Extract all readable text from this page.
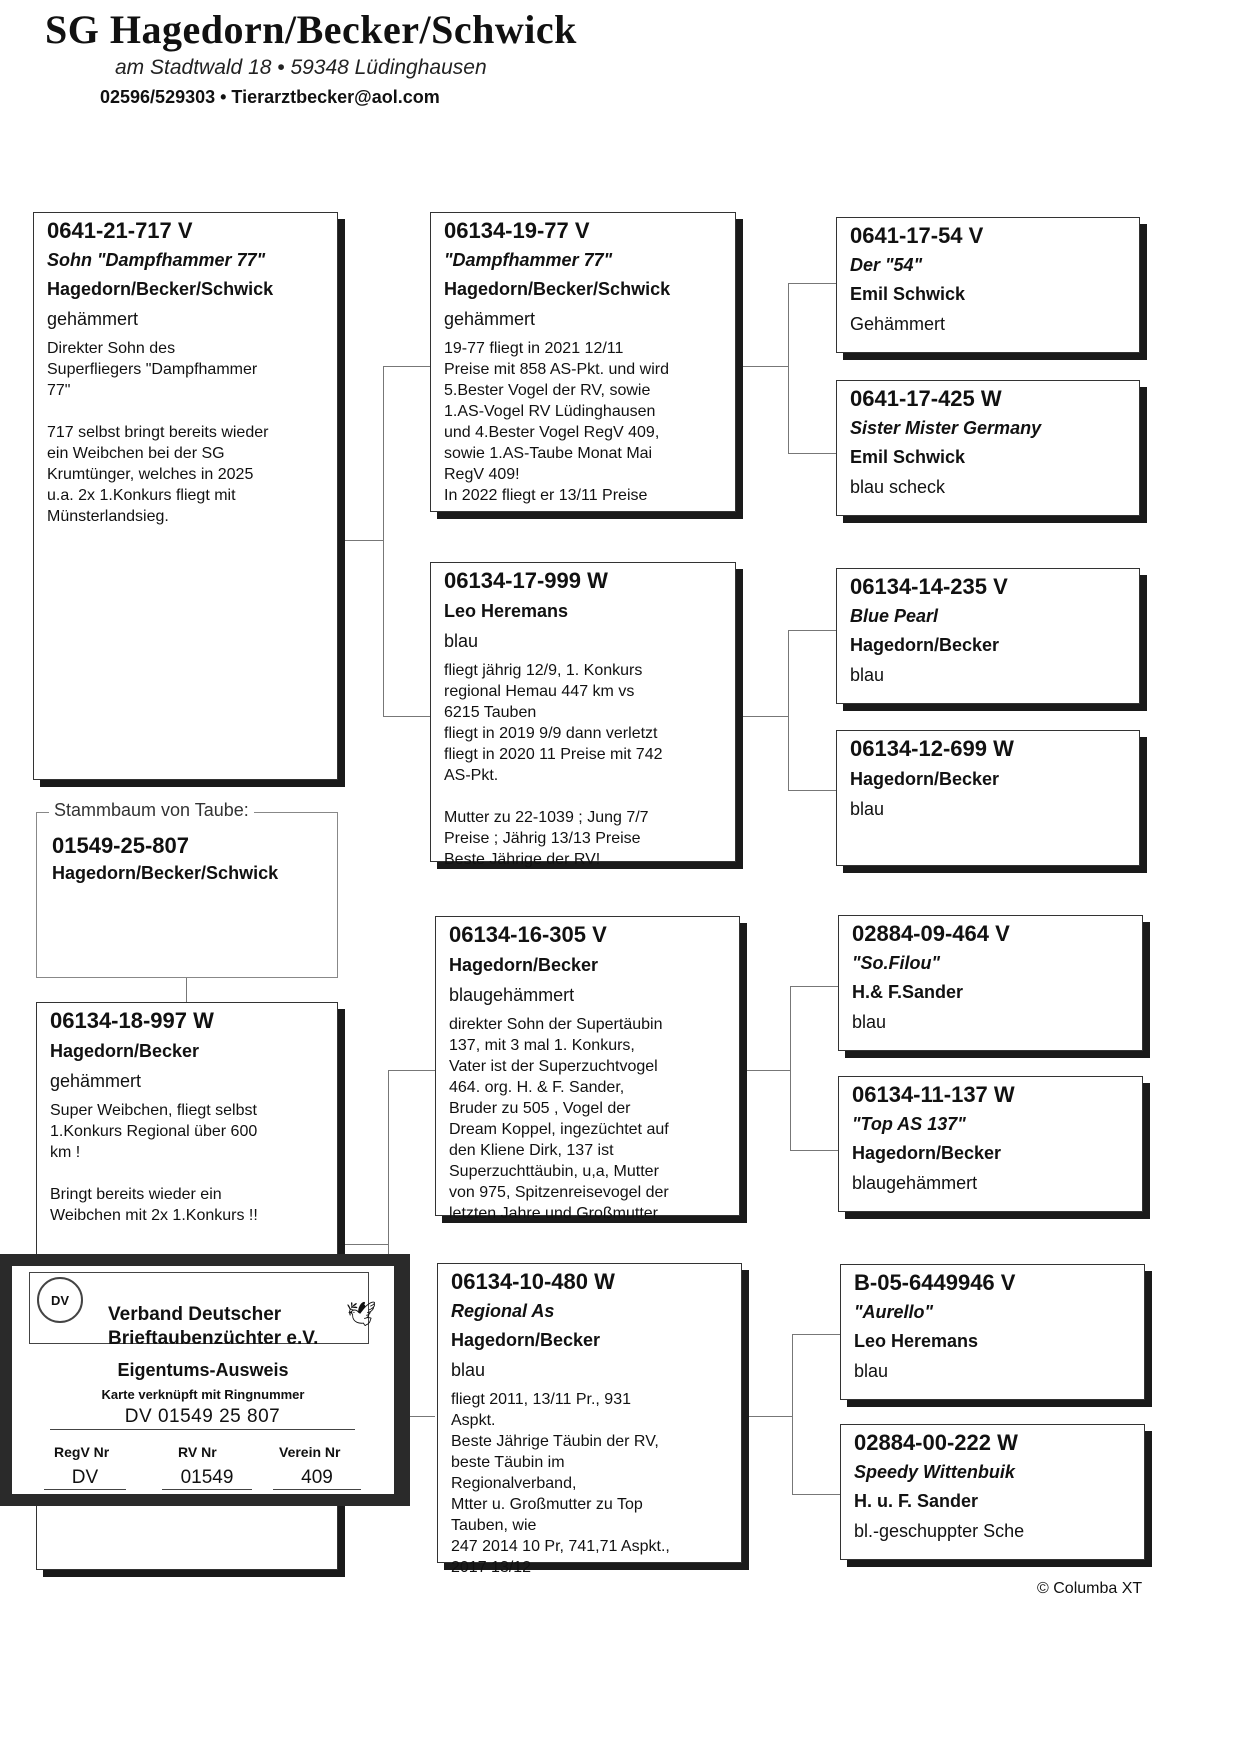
SG Hagedorn/Becker/Schwick
am Stadtwald 18 • 59348 Lüdinghausen
02596/529303 • Tierarztbecker@aol.com
0641-21-717 V
Sohn "Dampfhammer 77"
Hagedorn/Becker/Schwick
gehämmert
Direkter Sohn des
Superfliegers "Dampfhammer
77"

717 selbst bringt bereits wieder
ein Weibchen bei der SG
Krumtünger, welches in 2025
u.a. 2x 1.Konkurs fliegt mit
Münsterlandsieg.
Stammbaum von Taube:
01549-25-807
Hagedorn/Becker/Schwick
06134-18-997 W
Hagedorn/Becker
gehämmert
Super Weibchen, fliegt selbst
1.Konkurs Regional über 600
km !

Bringt bereits wieder ein
Weibchen mit 2x 1.Konkurs !!
06134-19-77 V
"Dampfhammer 77"
Hagedorn/Becker/Schwick
gehämmert
19-77 fliegt in 2021 12/11
Preise mit 858 AS-Pkt. und wird
5.Bester Vogel der RV, sowie
1.AS-Vogel RV Lüdinghausen
und 4.Bester Vogel RegV 409,
sowie 1.AS-Taube Monat Mai
RegV 409!
In 2022 fliegt er 13/11 Preise
06134-17-999 W
Leo Heremans
blau
fliegt jährig 12/9, 1. Konkurs
regional Hemau 447 km vs
6215 Tauben
fliegt in 2019 9/9 dann verletzt
fliegt in 2020 11 Preise mit 742
AS-Pkt.

Mutter zu 22-1039 ; Jung 7/7
Preise ; Jährig 13/13 Preise
Beste Jährige der RV!
06134-16-305 V
Hagedorn/Becker
blaugehämmert
direkter Sohn der Supertäubin
137, mit 3 mal 1. Konkurs,
Vater ist der Superzuchtvogel
464. org. H. & F. Sander,
Bruder zu 505 , Vogel der
Dream Koppel, ingezüchtet auf
den Kliene Dirk, 137 ist
Superzuchttäubin, u,a, Mutter
von 975, Spitzenreisevogel der
letzten Jahre und Großmutter
06134-10-480 W
Regional As
Hagedorn/Becker
blau
fliegt 2011, 13/11 Pr., 931
Aspkt.
Beste Jährige Täubin der RV,
beste Täubin im
Regionalverband,
Mtter u. Großmutter zu Top
Tauben, wie
247 2014 10 Pr, 741,71 Aspkt.,
2017 13/12
0641-17-54 V
Der "54"
Emil Schwick
Gehämmert
0641-17-425 W
Sister Mister Germany
Emil Schwick
blau scheck
06134-14-235 V
Blue Pearl
Hagedorn/Becker
blau
06134-12-699 W
Hagedorn/Becker
blau
02884-09-464 V
"So.Filou"
H.& F.Sander
blau
06134-11-137 W
"Top AS 137"
Hagedorn/Becker
blaugehämmert
B-05-6449946 V
"Aurello"
Leo Heremans
blau
02884-00-222 W
Speedy Wittenbuik
H. u. F. Sander
bl.-geschuppter Sche
DV
Verband Deutscher
Brieftaubenzüchter e.V.
🕊
Eigentums-Ausweis
Karte verknüpft mit Ringnummer
DV 01549 25 807
RegV Nr	RV Nr	Verein Nr
DV	01549	409
© Columba XT
